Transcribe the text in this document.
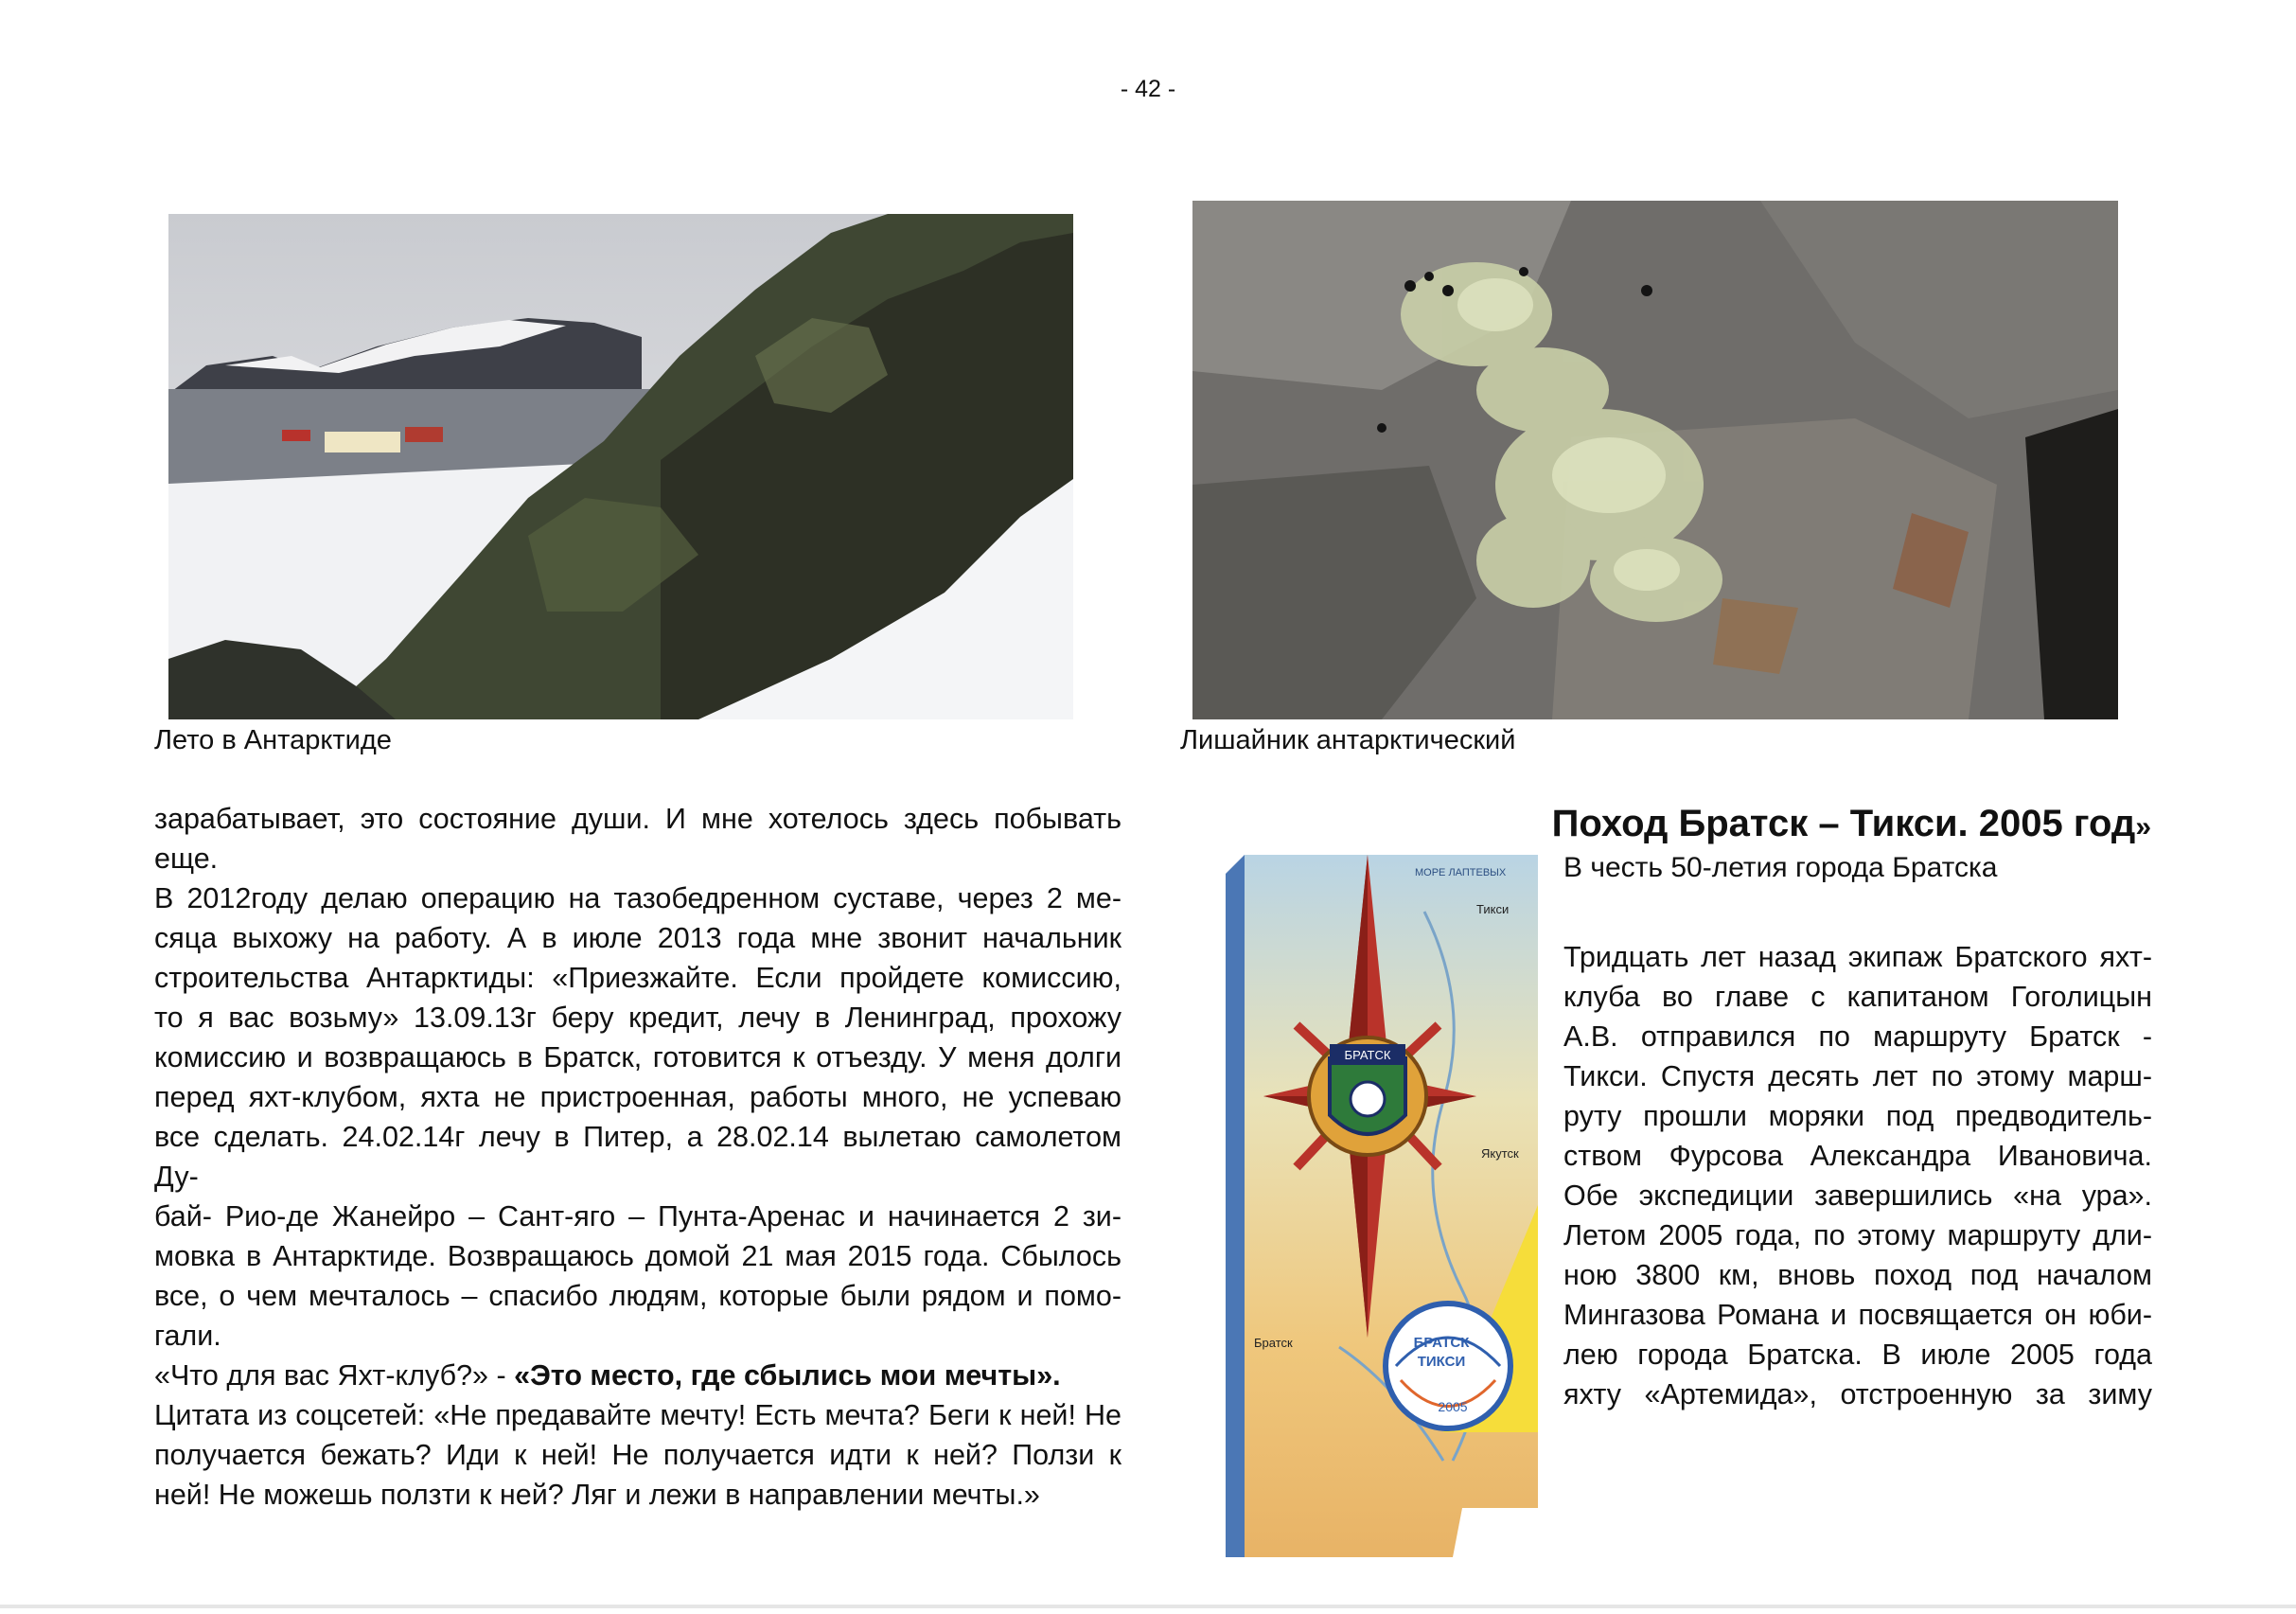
- 42 -
Лето в Антарктиде	Лишайник антарктический

зарабатывает, это состояние души. И мне хотелось здесь побывать

еще.

В 2012году делаю операцию на тазобедренном суставе, через 2 ме-

сяца выхожу на работу. А в июле 2013 года мне звонит начальник

строительства Антарктиды: «Приезжайте. Если пройдете комиссию,

то я вас возьму» 13.09.13г беру кредит, лечу в Ленинград, прохожу

комиссию и возвращаюсь в Братск, готовится к отъезду. У меня долги

перед яхт-клубом, яхта не пристроенная, работы много, не успеваю

все сделать. 24.02.14г лечу в Питер, а 28.02.14 вылетаю самолетом Ду-

бай- Рио-де Жанейро – Сант-яго – Пунта-Аренас и начинается 2 зи-

мовка в Антарктиде. Возвращаюсь домой 21 мая 2015 года. Сбылось

все, о чем мечталось – спасибо людям, которые были рядом и помо-

гали.

«Что для вас Яхт-клуб?» - «Это место, где сбылись мои мечты».

Цитата из соцсетей: «Не предавайте мечту! Есть мечта? Беги к ней! Не

получается бежать? Иди к ней! Не получается идти к ней? Ползи к

ней! Не можешь ползти к ней? Ляг и лежи в направлении мечты.»

Поход Братск – Тикси. 2005 год»
В честь 50-летия города Братска
БРАТСК
МОРЕ ЛАПТЕВЫХ
Тикси
Якутск
Братск	БРАТСК
ТИКСИ
2005

Тридцать лет назад экипаж Братского яхт-

клуба во главе с капитаном Гоголицын

А.В. отправился по маршруту Братск -

Тикси. Спустя десять лет по этому марш-

руту прошли моряки под предводитель-

ством Фурсова Александра Ивановича.

Обе экспедиции завершились «на ура».

Летом 2005 года, по этому маршруту дли-

ною 3800 км, вновь поход под началом

Мингазова Романа и посвящается он юби-

лею города Братска. В июле 2005 года

яхту «Артемида», отстроенную за зиму
